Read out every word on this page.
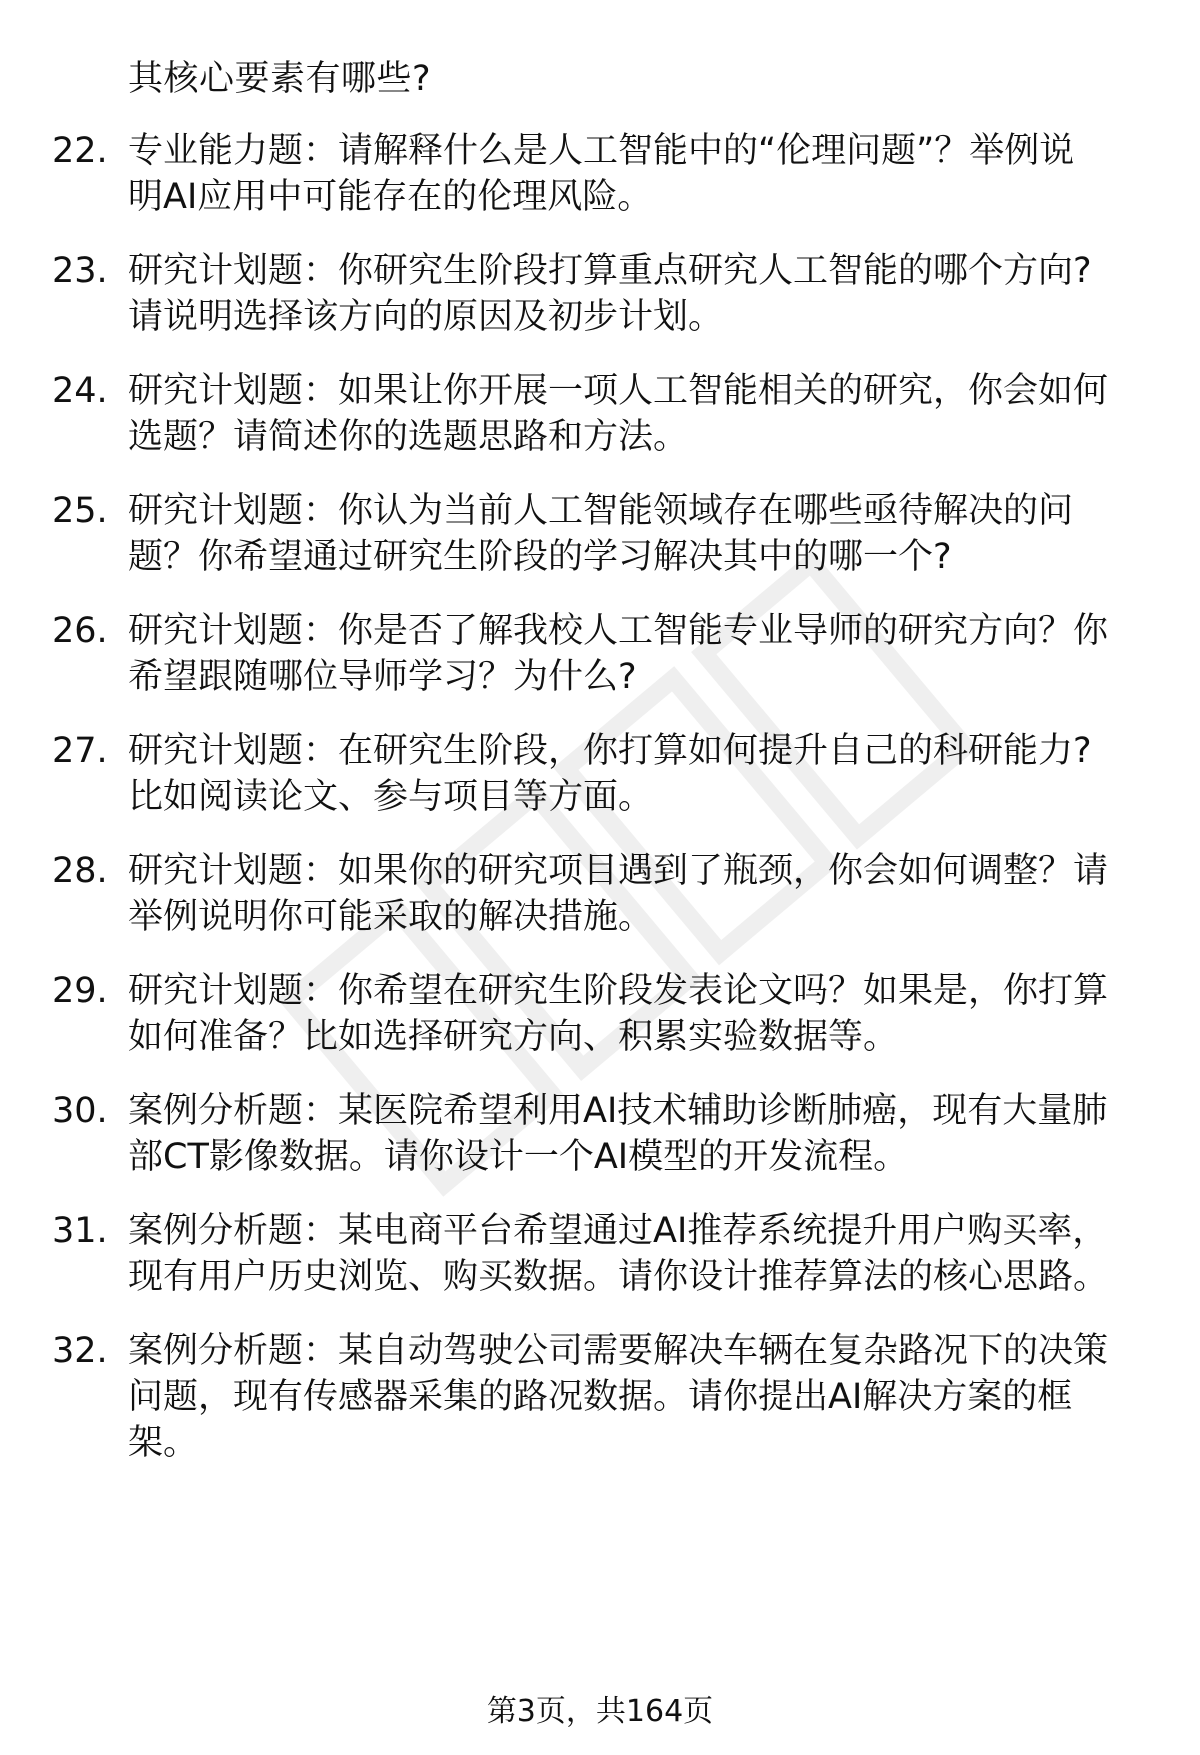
其核心要素有哪些?
22. 专业能力题：请解释什么是人工智能中的“伦理问题”？举例说
明AI应用中可能存在的伦理风险。
23. 研究计划题：你研究生阶段打算重点研究人工智能的哪个方向?
请说明选择该方向的原因及初步计划。
24. 研究计划题：如果让你开展一项人工智能相关的研究，你会如何
选题？请简述你的选题思路和方法。
25. 研究计划题：你认为当前人工智能领域存在哪些亟待解决的问
题？你希望通过研究生阶段的学习解决其中的哪一个?
26. 研究计划题：你是否了解我校人工智能专业导师的研究方向？你
希望跟随哪位导师学习？为什么?
27. 研究计划题：在研究生阶段，你打算如何提升自己的科研能力?
比如阅读论文、参与项目等方面。
28. 研究计划题：如果你的研究项目遇到了瓶颈，你会如何调整？请
举例说明你可能采取的解决措施。
29. 研究计划题：你希望在研究生阶段发表论文吗？如果是，你打算
如何准备？比如选择研究方向、积累实验数据等。
30. 案例分析题：某医院希望利用AI技术辅助诊断肺癌，现有大量肺
部CT影像数据。请你设计一个AI模型的开发流程。
31. 案例分析题：某电商平台希望通过AI推荐系统提升用户购买率，
现有用户历史浏览、购买数据。请你设计推荐算法的核心思路。
32. 案例分析题：某自动驾驶公司需要解决车辆在复杂路况下的决策
问题，现有传感器采集的路况数据。请你提出AI解决方案的框
架。
第3页，共164页
